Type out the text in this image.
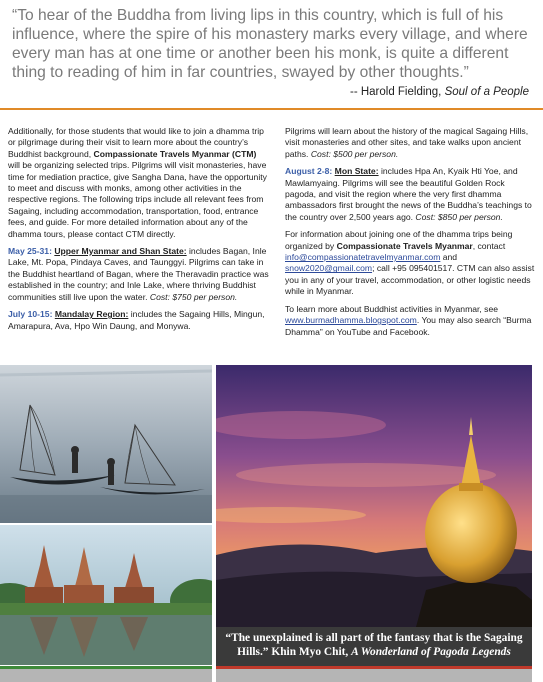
“To hear of the Buddha from living lips in this country, which is full of his influence, where the spire of his monastery marks every village, and where every man has at one time or another been his monk, is quite a different thing to reading of him in far countries, swayed by other thoughts.”
-- Harold Fielding, Soul of a People

Additionally, for those students that would like to join a dhamma trip or pilgrimage during their visit to learn more about the country’s Buddhist background, Compassionate Travels Myanmar (CTM) will be organizing selected trips. Pilgrims will visit monasteries, have time for mediation practice, give Sangha Dana, have the opportunity to meet and discuss with monks, among other activities in the respective regions. The following trips include all relevant fees from Sagaing, including accommodation, transportation, food, entrance fees, and guide. For more detailed information about any of the dhamma tours, please contact CTM directly.

May 25-31: Upper Myanmar and Shan State: includes Bagan, Inle Lake, Mt. Popa, Pindaya Caves, and Taunggyi. Pilgrims can take in the Buddhist heartland of Bagan, where the Theravadin practice was established in the country; and Inle Lake, where thriving Buddhist communities still live upon the water. Cost: $750 per person.

July 10-15: Mandalay Region: includes the Sagaing Hills, Mingun, Amarapura, Ava, Hpo Win Daung, and Monywa.

Pilgrims will learn about the history of the magical Sagaing Hills, visit monasteries and other sites, and take walks upon ancient paths. Cost: $500 per person.

August 2-8: Mon State: includes Hpa An, Kyaik Hti Yoe, and Mawlamyaing. Pilgrims will see the beautiful Golden Rock pagoda, and visit the region where the very first dhamma ambassadors first brought the news of the Buddha’s teachings to the country over 2,500 years ago. Cost: $850 per person.

For information about joining one of the dhamma trips being organized by Compassionate Travels Myanmar, contact info@compassionatetravelmyanmar.com and snow2020@gmail.com; call +95 095401517. CTM can also assist you in any of your travel, accommodation, or other logistic needs while in Myanmar.

To learn more about Buddhist activities in Myanmar, see www.burmadhamma.blogspot.com. You may also search “Burma Dhamma” on YouTube and Facebook.

“The unexplained is all part of the fantasy that is the Sagaing Hills.” Khin Myo Chit, A Wonderland of Pagoda Legends
